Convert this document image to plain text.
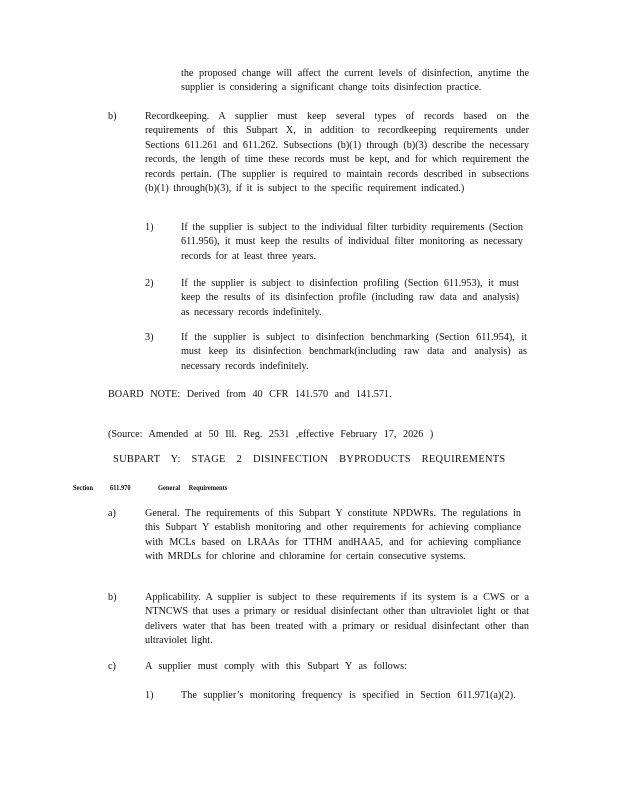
the proposed change will affect the current levels of disinfection, anytime the supplier is considering a significant change toits disinfection practice.
b)	Recordkeeping. A supplier must keep several types of records based on the requirements of this Subpart X, in addition to recordkeeping requirements under Sections 611.261 and 611.262. Subsections (b)(1) through (b)(3) describe the necessary records, the length of time these records must be kept, and for which requirement the records pertain. (The supplier is required to maintain records described in subsections (b)(1) through(b)(3), if it is subject to the specific requirement indicated.)
1)	If the supplier is subject to the individual filter turbidity requirements (Section 611.956), it must keep the results of individual filter monitoring as necessary records for at least three years.
2)	If the supplier is subject to disinfection profiling (Section 611.953), it must keep the results of its disinfection profile (including raw data and analysis) as necessary records indefinitely.
3)	If the supplier is subject to disinfection benchmarking (Section 611.954), it must keep its disinfection benchmark(including raw data and analysis) as necessary records indefinitely.
BOARD NOTE: Derived from 40 CFR 141.570 and 141.571.
(Source: Amended at 50 Ill. Reg. 2531 ,effective February 17, 2026 )
SUBPART Y: STAGE 2 DISINFECTION BYPRODUCTS REQUIREMENTS
Section 611.970	General Requirements
a)	General. The requirements of this Subpart Y constitute NPDWRs. The regulations in this Subpart Y establish monitoring and other requirements for achieving compliance with MCLs based on LRAAs for TTHM andHAA5, and for achieving compliance with MRDLs for chlorine and chloramine for certain consecutive systems.
b)	Applicability. A supplier is subject to these requirements if its system is a CWS or a NTNCWS that uses a primary or residual disinfectant other than ultraviolet light or that delivers water that has been treated with a primary or residual disinfectant other than ultraviolet light.
c)	A supplier must comply with this Subpart Y as follows:
1)	The supplier’s monitoring frequency is specified in Section 611.971(a)(2).
